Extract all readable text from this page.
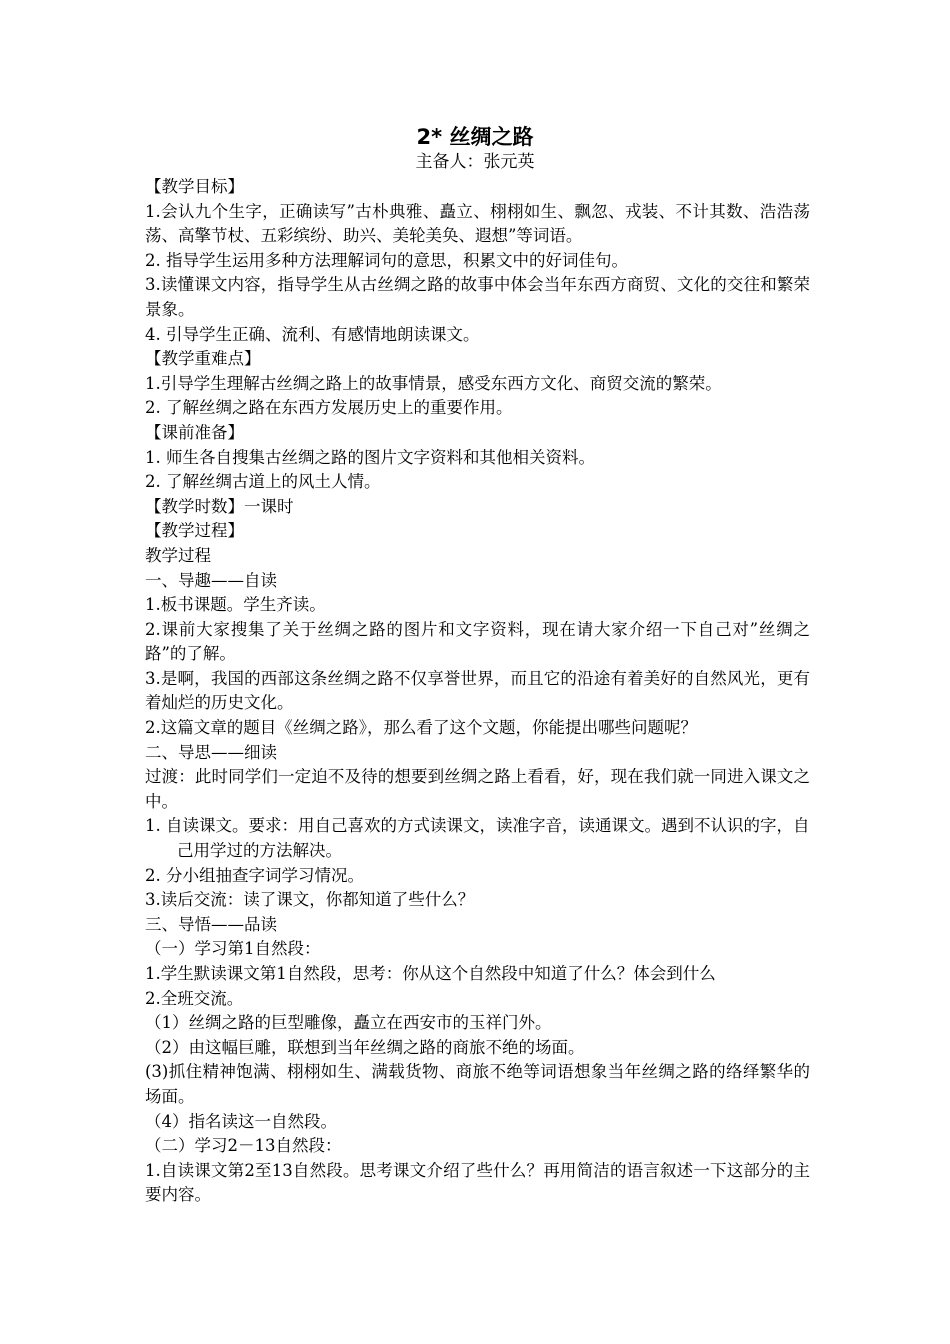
2* 丝绸之路
主备人：张元英

【教学目标】

1.会认九个生字，正确读写”古朴典雅、矗立、栩栩如生、飘忽、戎装、不计其数、浩浩荡荡、高擎节杖、五彩缤纷、助兴、美轮美奂、遐想”等词语。

2. 指导学生运用多种方法理解词句的意思，积累文中的好词佳句。

3.读懂课文内容，指导学生从古丝绸之路的故事中体会当年东西方商贸、文化的交往和繁荣景象。

4. 引导学生正确、流利、有感情地朗读课文。

【教学重难点】

1.引导学生理解古丝绸之路上的故事情景，感受东西方文化、商贸交流的繁荣。

2. 了解丝绸之路在东西方发展历史上的重要作用。

【课前准备】

1. 师生各自搜集古丝绸之路的图片文字资料和其他相关资料。

2. 了解丝绸古道上的风土人情。

【教学时数】一课时

【教学过程】

教学过程

一、导趣——自读

1.板书课题。学生齐读。

2.课前大家搜集了关于丝绸之路的图片和文字资料，现在请大家介绍一下自己对”丝绸之路”的了解。

3.是啊，我国的西部这条丝绸之路不仅享誉世界，而且它的沿途有着美好的自然风光，更有着灿烂的历史文化。

2.这篇文章的题目《丝绸之路》，那么看了这个文题，你能提出哪些问题呢？

二、导思——细读

过渡：此时同学们一定迫不及待的想要到丝绸之路上看看，好，现在我们就一同进入课文之中。

1. 自读课文。要求：用自己喜欢的方式读课文，读准字音，读通课文。遇到不认识的字，自己用学过的方法解决。

2. 分小组抽查字词学习情况。

3.读后交流：读了课文，你都知道了些什么？

三、导悟——品读

（一）学习第1自然段：

1.学生默读课文第1自然段，思考：你从这个自然段中知道了什么？体会到什么

2.全班交流。

（1）丝绸之路的巨型雕像，矗立在西安市的玉祥门外。

（2）由这幅巨雕，联想到当年丝绸之路的商旅不绝的场面。

(3)抓住精神饱满、栩栩如生、满载货物、商旅不绝等词语想象当年丝绸之路的络绎繁华的场面。

（4）指名读这一自然段。

（二）学习2－13自然段：

1.自读课文第2至13自然段。思考课文介绍了些什么？再用简洁的语言叙述一下这部分的主要内容。
